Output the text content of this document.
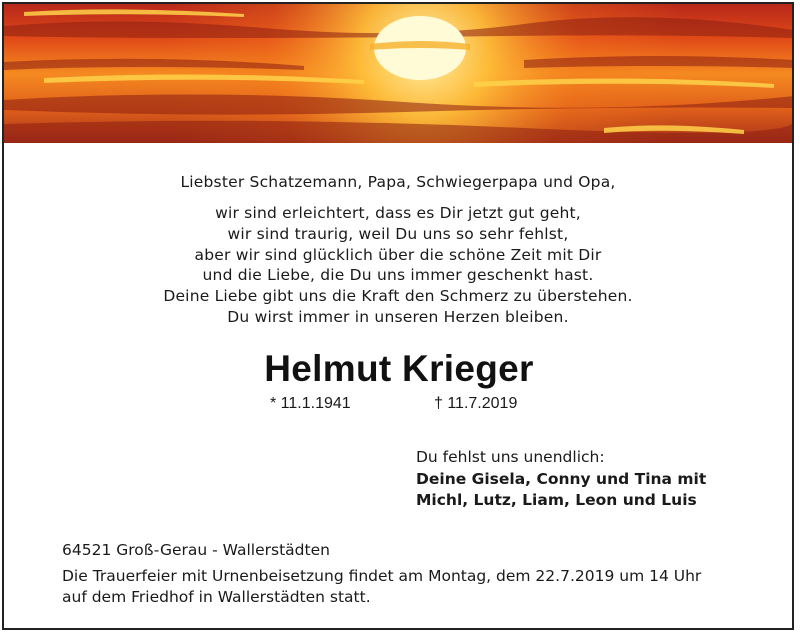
Liebster Schatzemann, Papa, Schwiegerpapa und Opa,
wir sind erleichtert, dass es Dir jetzt gut geht,
wir sind traurig, weil Du uns so sehr fehlst,
aber wir sind glücklich über die schöne Zeit mit Dir
und die Liebe, die Du uns immer geschenkt hast.
Deine Liebe gibt uns die Kraft den Schmerz zu überstehen.
Du wirst immer in unseren Herzen bleiben.
Helmut Krieger
* 11.1.1941	† 11.7.2019
Du fehlst uns unendlich:
Deine Gisela, Conny und Tina mit
Michl, Lutz, Liam, Leon und Luis
64521 Groß-Gerau - Wallerstädten
Die Trauerfeier mit Urnenbeisetzung findet am Montag, dem 22.7.2019 um 14 Uhr
auf dem Friedhof in Wallerstädten statt.
